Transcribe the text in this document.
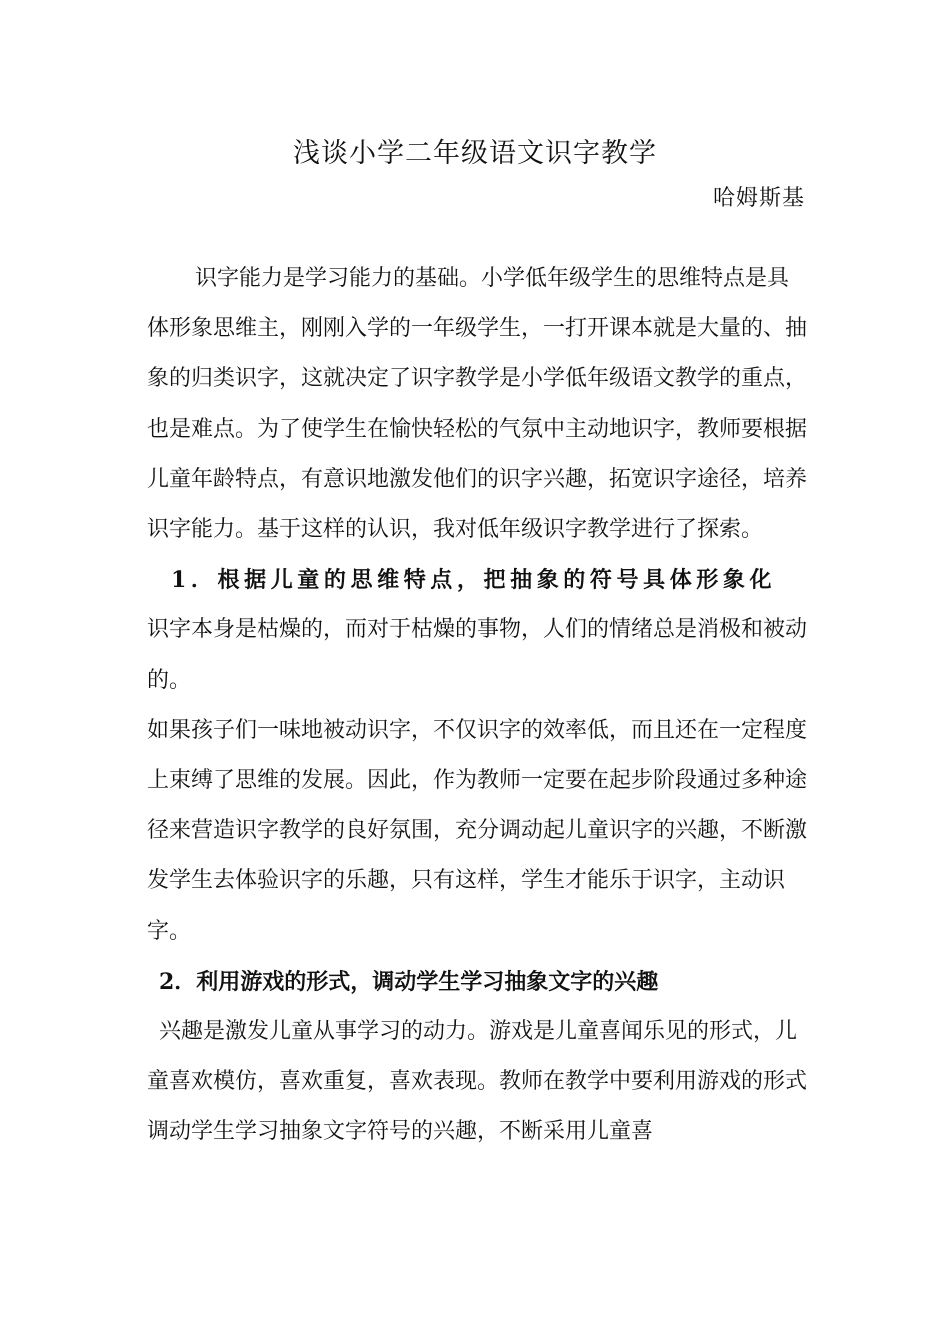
浅谈小学二年级语文识字教学
哈姆斯基

识字能力是学习能力的基础。小学低年级学生的思维特点是具体形象思维主，刚刚入学的一年级学生，一打开课本就是大量的、抽象的归类识字，这就决定了识字教学是小学低年级语文教学的重点，也是难点。为了使学生在愉快轻松的气氛中主动地识字，教师要根据儿童年龄特点，有意识地激发他们的识字兴趣，拓宽识字途径，培养识字能力。基于这样的认识，我对低年级识字教学进行了探索。

1．根据儿童的思维特点，把抽象的符号具体形象化

识字本身是枯燥的，而对于枯燥的事物，人们的情绪总是消极和被动的。

如果孩子们一味地被动识字，不仅识字的效率低，而且还在一定程度上束缚了思维的发展。因此，作为教师一定要在起步阶段通过多种途径来营造识字教学的良好氛围，充分调动起儿童识字的兴趣，不断激发学生去体验识字的乐趣，只有这样，学生才能乐于识字，主动识字。

2．利用游戏的形式，调动学生学习抽象文字的兴趣

兴趣是激发儿童从事学习的动力。游戏是儿童喜闻乐见的形式，儿童喜欢模仿，喜欢重复，喜欢表现。教师在教学中要利用游戏的形式调动学生学习抽象文字符号的兴趣，不断采用儿童喜
